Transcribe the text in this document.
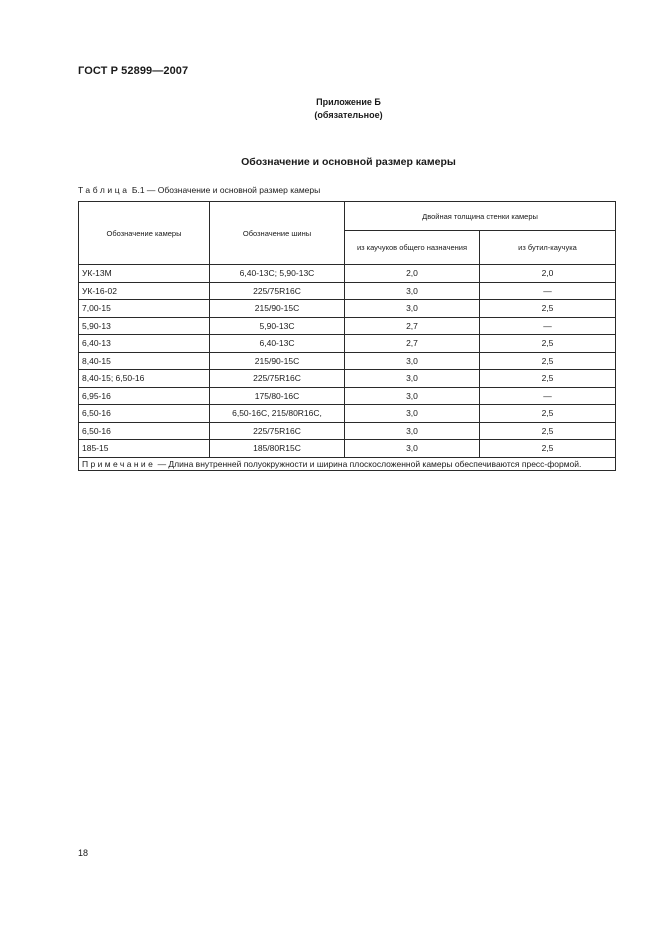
ГОСТ Р 52899—2007
Приложение Б
(обязательное)
Обозначение и основной размер камеры
Таблица Б.1 — Обозначение и основной размер камеры
Обозначение камеры	Обозначение шины	Двойная толщина стенки камеры	
		из каучуков общего назначения	из бутил-каучука
УК-13М	6,40-13С; 5,90-13С	2,0	2,0
УК-16-02	225/75R16С	3,0	—
7,00-15	215/90-15С	3,0	2,5
5,90-13	5,90-13С	2,7	—
6,40-13	6,40-13С	2,7	2,5
8,40-15	215/90-15С	3,0	2,5
8,40-15; 6,50-16	225/75R16С	3,0	2,5
6,95-16	175/80-16С	3,0	—
6,50-16	6,50-16С, 215/80R16С,	3,0	2,5
6,50-16	225/75R16С	3,0	2,5
185-15	185/80R15С	3,0	2,5
Примечание — Длина внутренней полуокружности и ширина плоскосложенной камеры обеспечиваются пресс-формой.			
18
